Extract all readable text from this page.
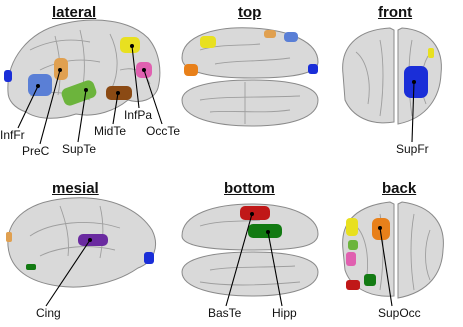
lateral	top	front
mesial	bottom	back
InfFr
PreC SupTe
MidTe
InfPa
OccTe
SupFr
Cing	BasTe	Hipp	SupOcc
